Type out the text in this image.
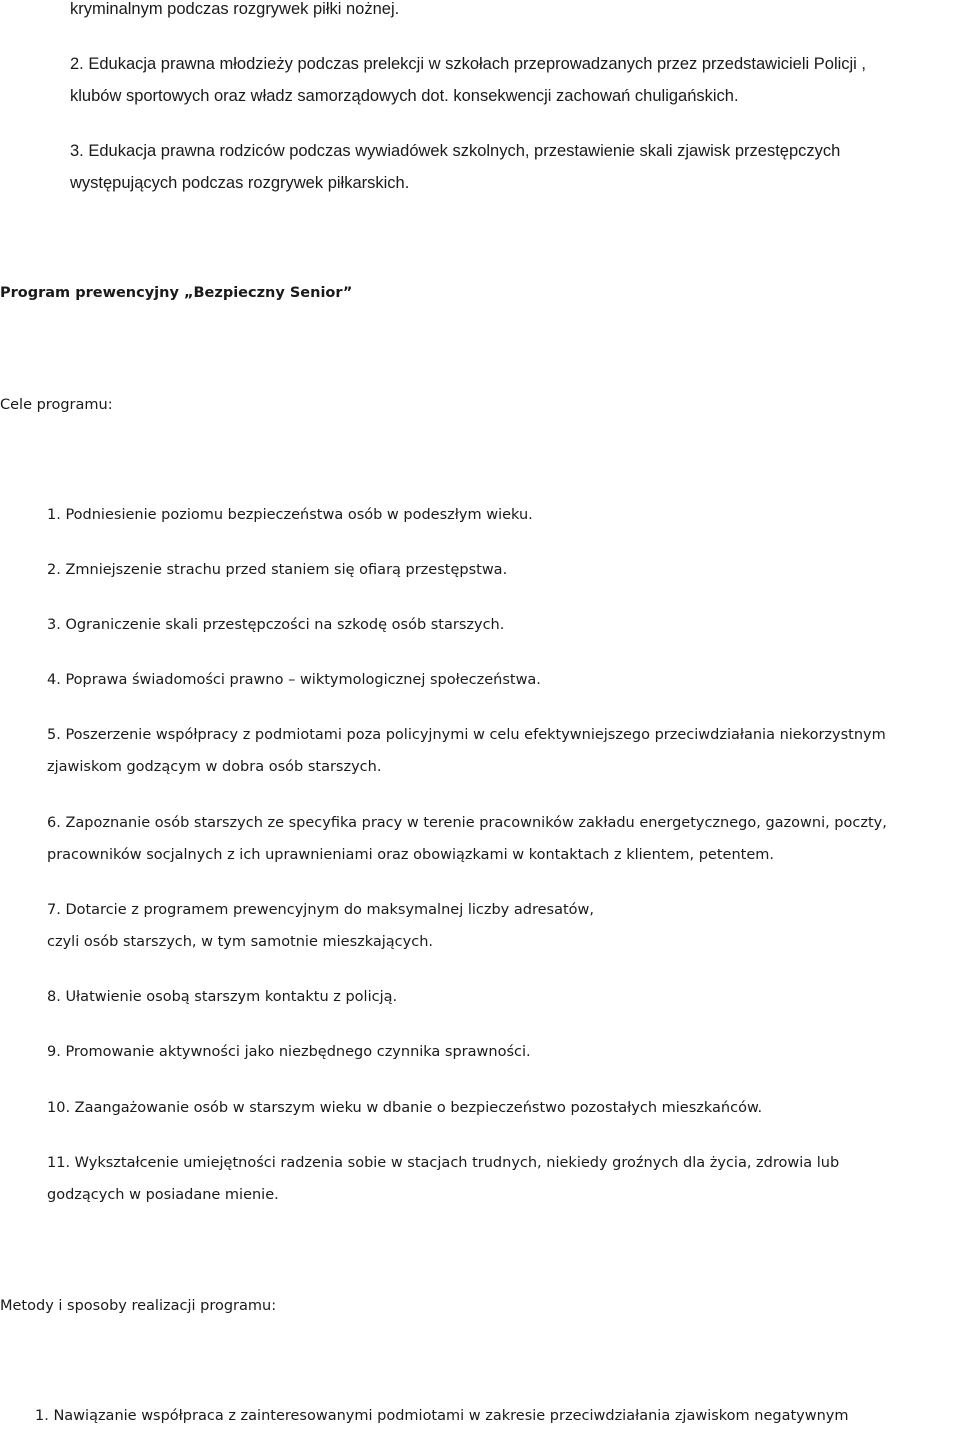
kryminalnym podczas rozgrywek piłki nożnej.
2. Edukacja prawna młodzieży podczas prelekcji w szkołach przeprowadzanych przez przedstawicieli Policji ,
klubów sportowych oraz władz samorządowych dot. konsekwencji zachowań chuligańskich.
3. Edukacja prawna rodziców podczas wywiadówek szkolnych, przestawienie skali zjawisk przestępczych
występujących podczas rozgrywek piłkarskich.
Program prewencyjny „Bezpieczny Senior”
Cele programu:
1. Podniesienie poziomu bezpieczeństwa osób w podeszłym wieku.
2. Zmniejszenie strachu przed staniem się ofiarą przestępstwa.
3. Ograniczenie skali przestępczości na szkodę osób starszych.
4. Poprawa świadomości prawno – wiktymologicznej społeczeństwa.
5. Poszerzenie współpracy z podmiotami poza policyjnymi w celu efektywniejszego przeciwdziałania niekorzystnym
zjawiskom godzącym w dobra osób starszych.
6. Zapoznanie osób starszych ze specyfika pracy w terenie pracowników zakładu energetycznego, gazowni, poczty,
pracowników socjalnych z ich uprawnieniami oraz obowiązkami w kontaktach z klientem, petentem.
7. Dotarcie z programem prewencyjnym do maksymalnej liczby adresatów,
czyli osób starszych, w tym samotnie mieszkających.
8. Ułatwienie osobą starszym kontaktu z policją.
9. Promowanie aktywności jako niezbędnego czynnika sprawności.
10. Zaangażowanie osób w starszym wieku w dbanie o bezpieczeństwo pozostałych mieszkańców.
11. Wykształcenie umiejętności radzenia sobie w stacjach trudnych, niekiedy groźnych dla życia, zdrowia lub
godzących w posiadane mienie.
Metody i sposoby realizacji programu:
1. Nawiązanie współpraca z zainteresowanymi podmiotami w zakresie przeciwdziałania zjawiskom negatywnym
